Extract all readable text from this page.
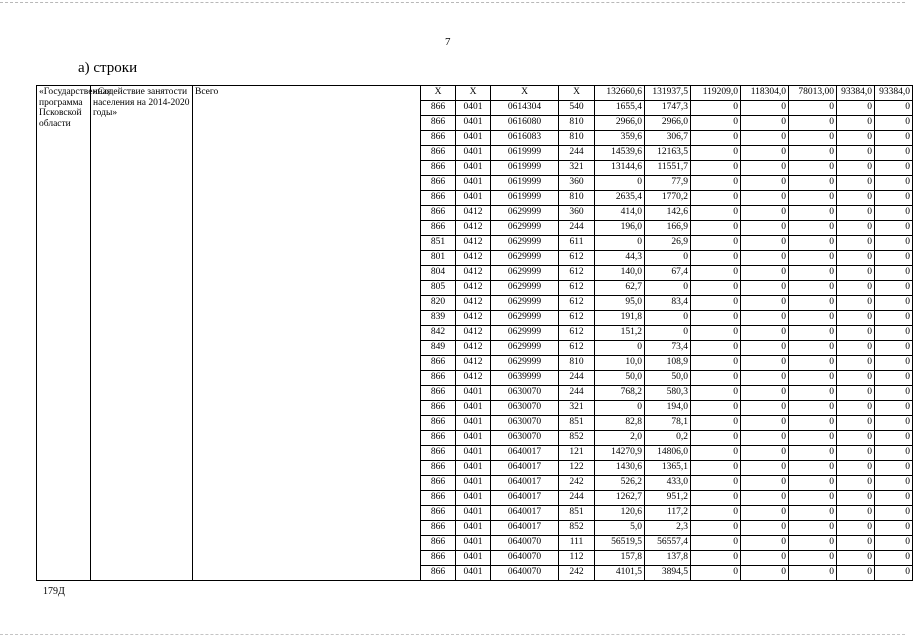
7
а) строки
«Государственная программа Псковской области	«Содействие занятости населения на 2014-2020 годы»	Всего	X	X	X	X	132660,6	131937,5	119209,0	118304,0	78013,00	93384,0	93384,0
			866	0401	0614304	540	1655,4	1747,3	0	0	0	0	0
			866	0401	0616080	810	2966,0	2966,0	0	0	0	0	0
			866	0401	0616083	810	359,6	306,7	0	0	0	0	0
			866	0401	0619999	244	14539,6	12163,5	0	0	0	0	0
			866	0401	0619999	321	13144,6	11551,7	0	0	0	0	0
			866	0401	0619999	360	0	77,9	0	0	0	0	0
			866	0401	0619999	810	2635,4	1770,2	0	0	0	0	0
			866	0412	0629999	360	414,0	142,6	0	0	0	0	0
			866	0412	0629999	244	196,0	166,9	0	0	0	0	0
			851	0412	0629999	611	0	26,9	0	0	0	0	0
			801	0412	0629999	612	44,3	0	0	0	0	0	0
			804	0412	0629999	612	140,0	67,4	0	0	0	0	0
			805	0412	0629999	612	62,7	0	0	0	0	0	0
			820	0412	0629999	612	95,0	83,4	0	0	0	0	0
			839	0412	0629999	612	191,8	0	0	0	0	0	0
			842	0412	0629999	612	151,2	0	0	0	0	0	0
			849	0412	0629999	612	0	73,4	0	0	0	0	0
			866	0412	0629999	810	10,0	108,9	0	0	0	0	0
			866	0412	0639999	244	50,0	50,0	0	0	0	0	0
			866	0401	0630070	244	768,2	580,3	0	0	0	0	0
			866	0401	0630070	321	0	194,0	0	0	0	0	0
			866	0401	0630070	851	82,8	78,1	0	0	0	0	0
			866	0401	0630070	852	2,0	0,2	0	0	0	0	0
			866	0401	0640017	121	14270,9	14806,0	0	0	0	0	0
			866	0401	0640017	122	1430,6	1365,1	0	0	0	0	0
			866	0401	0640017	242	526,2	433,0	0	0	0	0	0
			866	0401	0640017	244	1262,7	951,2	0	0	0	0	0
			866	0401	0640017	851	120,6	117,2	0	0	0	0	0
			866	0401	0640017	852	5,0	2,3	0	0	0	0	0
			866	0401	0640070	111	56519,5	56557,4	0	0	0	0	0
			866	0401	0640070	112	157,8	137,8	0	0	0	0	0
			866	0401	0640070	242	4101,5	3894,5	0	0	0	0	0
179Д
